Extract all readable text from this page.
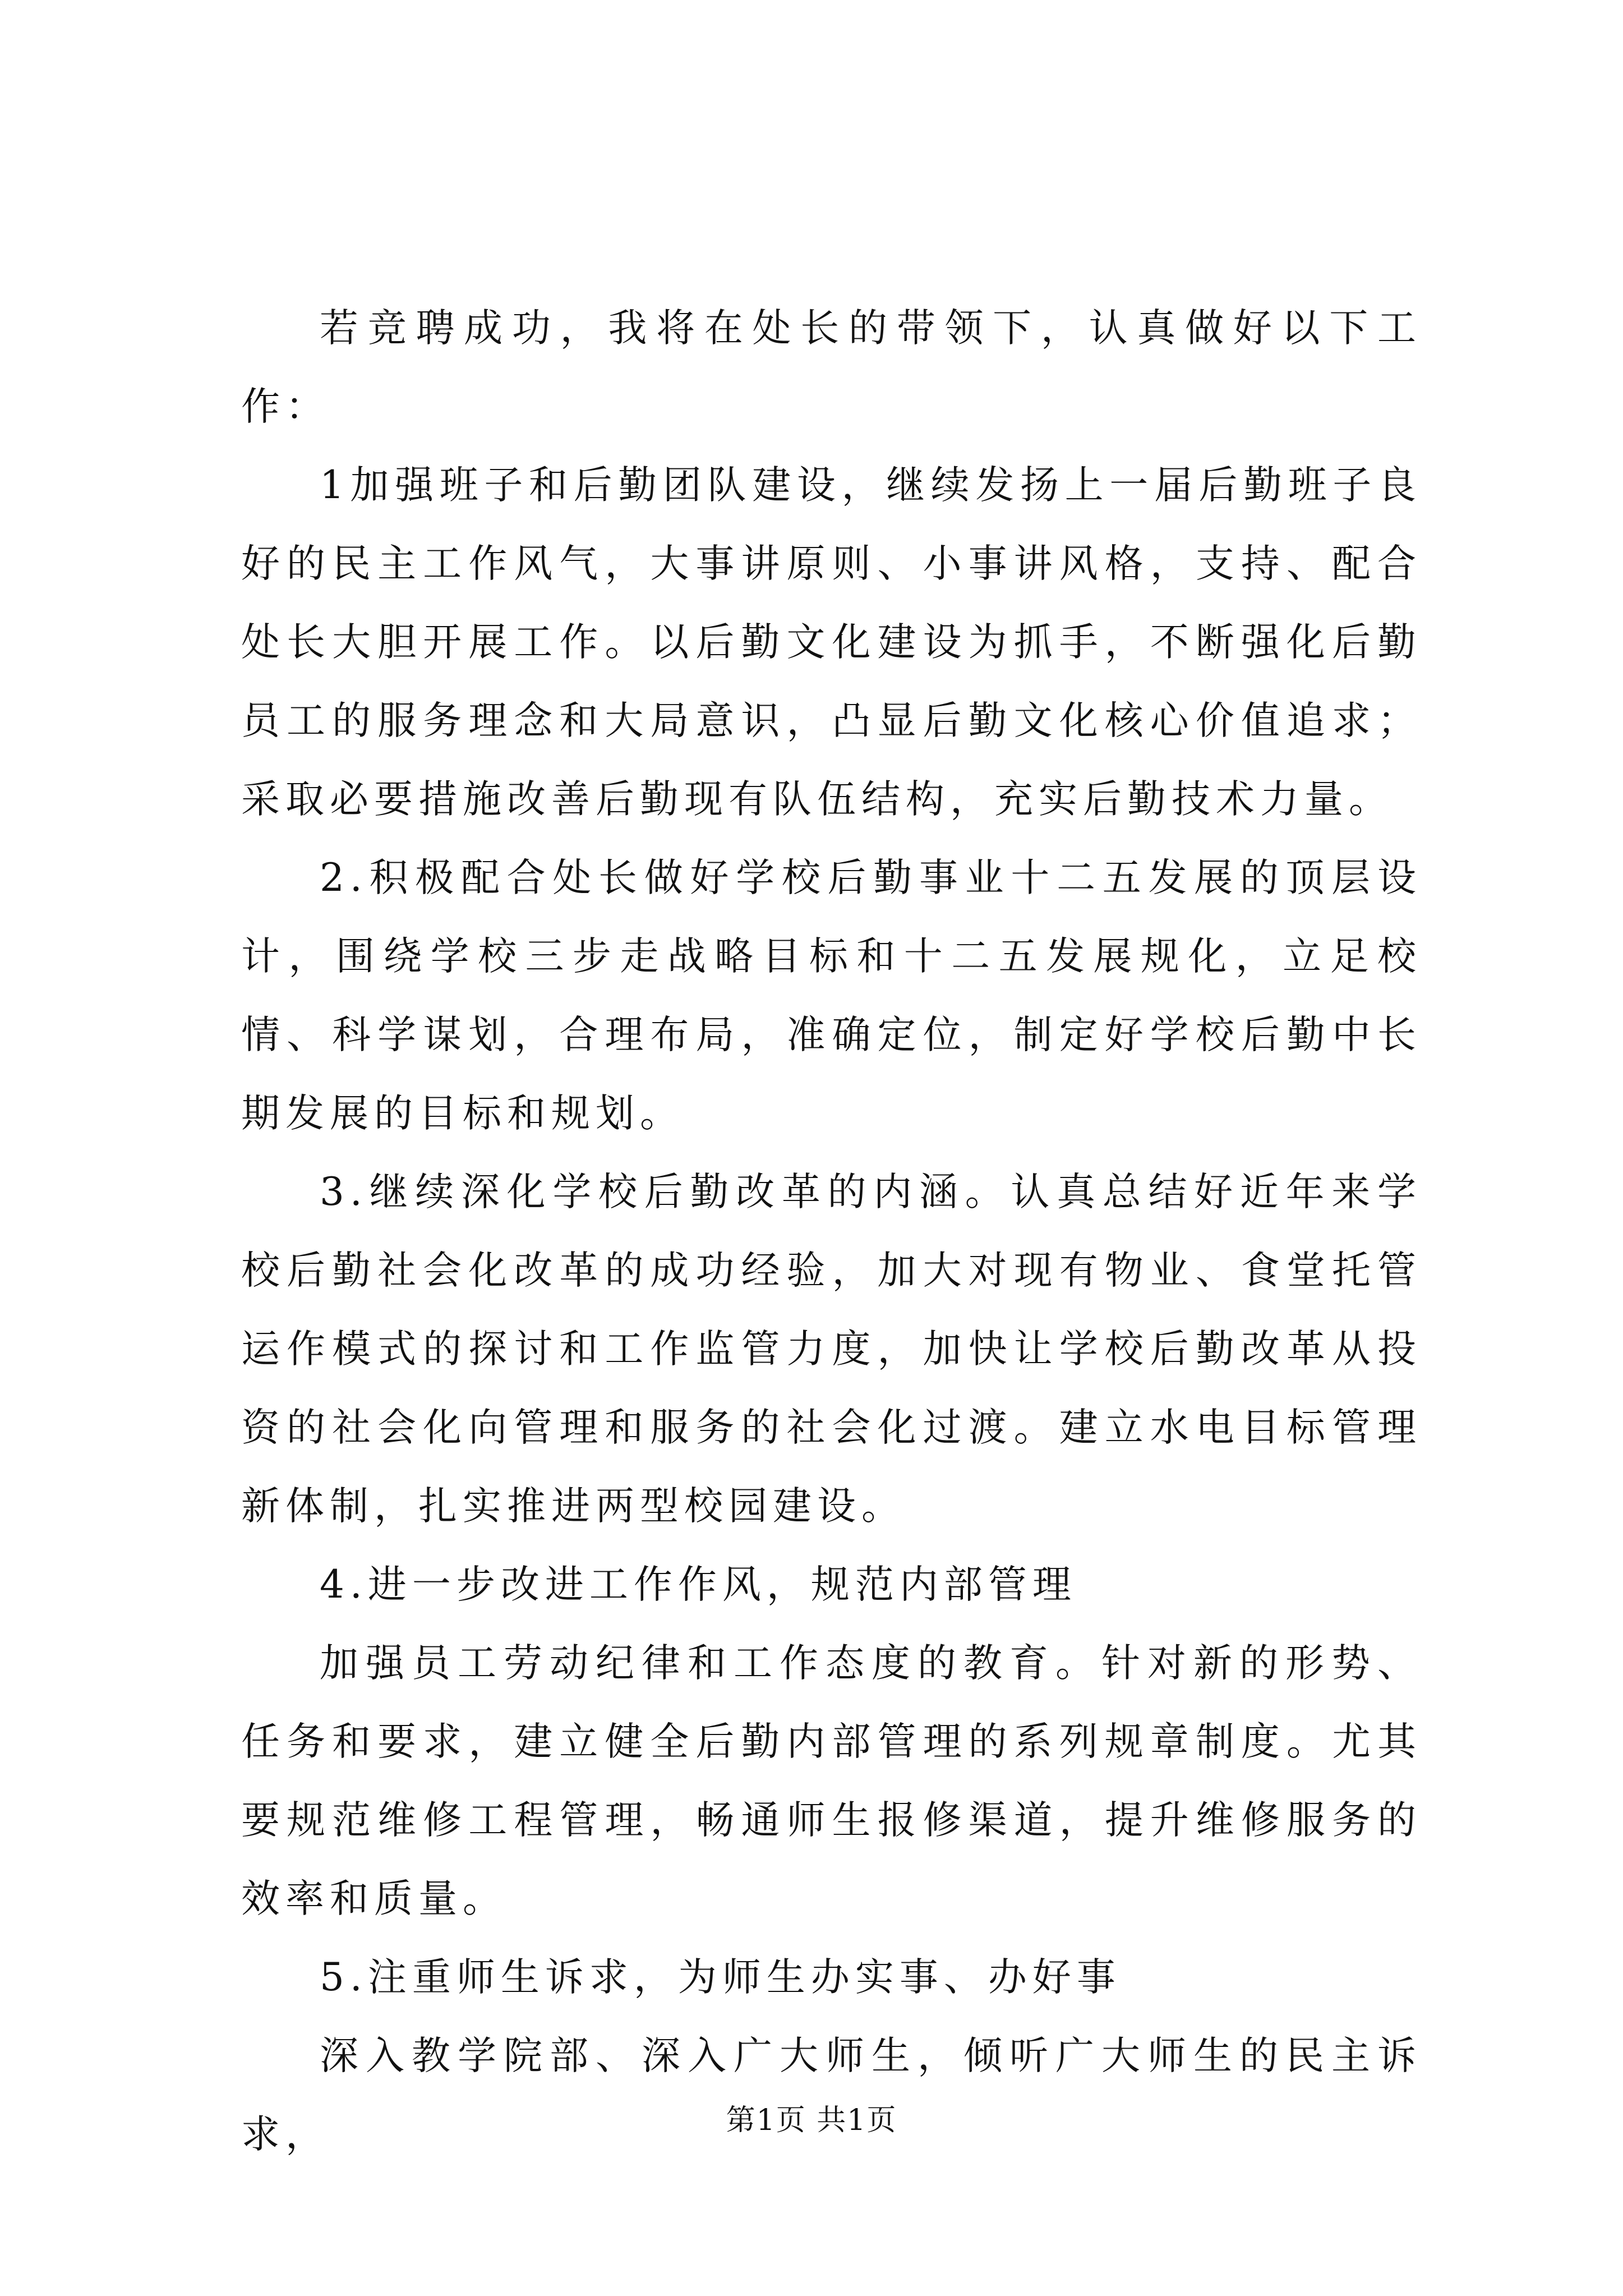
若竞聘成功，我将在处长的带领下，认真做好以下工作：

1加强班子和后勤团队建设，继续发扬上一届后勤班子良好的民主工作风气，大事讲原则、小事讲风格，支持、配合处长大胆开展工作。以后勤文化建设为抓手，不断强化后勤员工的服务理念和大局意识，凸显后勤文化核心价值追求；采取必要措施改善后勤现有队伍结构，充实后勤技术力量。

2.积极配合处长做好学校后勤事业十二五发展的顶层设计，围绕学校三步走战略目标和十二五发展规化，立足校情、科学谋划，合理布局，准确定位，制定好学校后勤中长期发展的目标和规划。

3.继续深化学校后勤改革的内涵。认真总结好近年来学校后勤社会化改革的成功经验，加大对现有物业、食堂托管运作模式的探讨和工作监管力度，加快让学校后勤改革从投资的社会化向管理和服务的社会化过渡。建立水电目标管理新体制，扎实推进两型校园建设。

4.进一步改进工作作风，规范内部管理

加强员工劳动纪律和工作态度的教育。针对新的形势、任务和要求，建立健全后勤内部管理的系列规章制度。尤其要规范维修工程管理，畅通师生报修渠道，提升维修服务的效率和质量。

5.注重师生诉求，为师生办实事、办好事

深入教学院部、深入广大师生，倾听广大师生的民主诉求，	第1页 共1页
